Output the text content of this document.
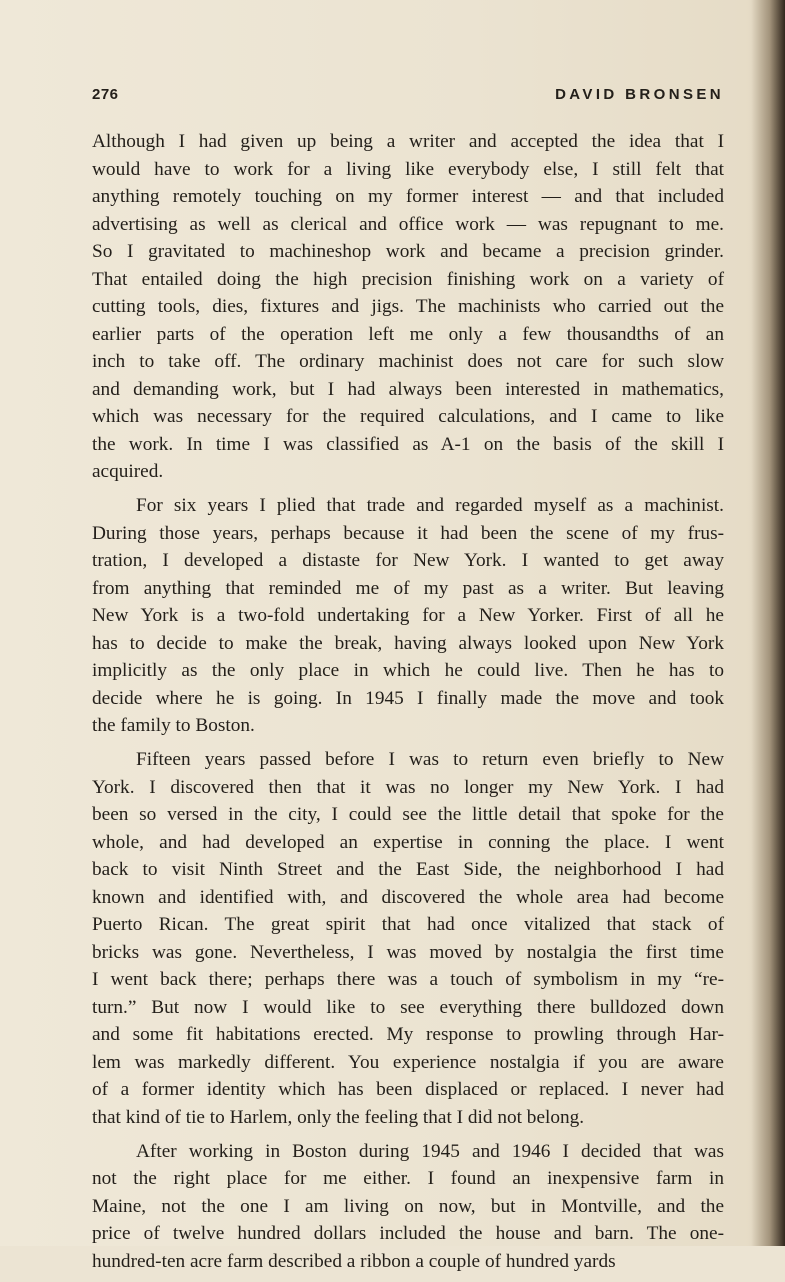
276	DAVID BRONSEN
Although I had given up being a writer and accepted the idea that I
would have to work for a living like everybody else, I still felt that
anything remotely touching on my former interest — and that included
advertising as well as clerical and office work — was repugnant to me.
So I gravitated to machineshop work and became a precision grinder.
That entailed doing the high precision finishing work on a variety of
cutting tools, dies, fixtures and jigs. The machinists who carried out the
earlier parts of the operation left me only a few thousandths of an
inch to take off. The ordinary machinist does not care for such slow
and demanding work, but I had always been interested in mathematics,
which was necessary for the required calculations, and I came to like
the work. In time I was classified as A-1 on the basis of the skill I
acquired.
For six years I plied that trade and regarded myself as a machinist.
During those years, perhaps because it had been the scene of my frus-
tration, I developed a distaste for New York. I wanted to get away
from anything that reminded me of my past as a writer. But leaving
New York is a two-fold undertaking for a New Yorker. First of all he
has to decide to make the break, having always looked upon New York
implicitly as the only place in which he could live. Then he has to
decide where he is going. In 1945 I finally made the move and took
the family to Boston.
Fifteen years passed before I was to return even briefly to New
York. I discovered then that it was no longer my New York. I had
been so versed in the city, I could see the little detail that spoke for the
whole, and had developed an expertise in conning the place. I went
back to visit Ninth Street and the East Side, the neighborhood I had
known and identified with, and discovered the whole area had become
Puerto Rican. The great spirit that had once vitalized that stack of
bricks was gone. Nevertheless, I was moved by nostalgia the first time
I went back there; perhaps there was a touch of symbolism in my “re-
turn.” But now I would like to see everything there bulldozed down
and some fit habitations erected. My response to prowling through Har-
lem was markedly different. You experience nostalgia if you are aware
of a former identity which has been displaced or replaced. I never had
that kind of tie to Harlem, only the feeling that I did not belong.
After working in Boston during 1945 and 1946 I decided that was
not the right place for me either. I found an inexpensive farm in
Maine, not the one I am living on now, but in Montville, and the
price of twelve hundred dollars included the house and barn. The one-
hundred-ten acre farm described a ribbon a couple of hundred yards
